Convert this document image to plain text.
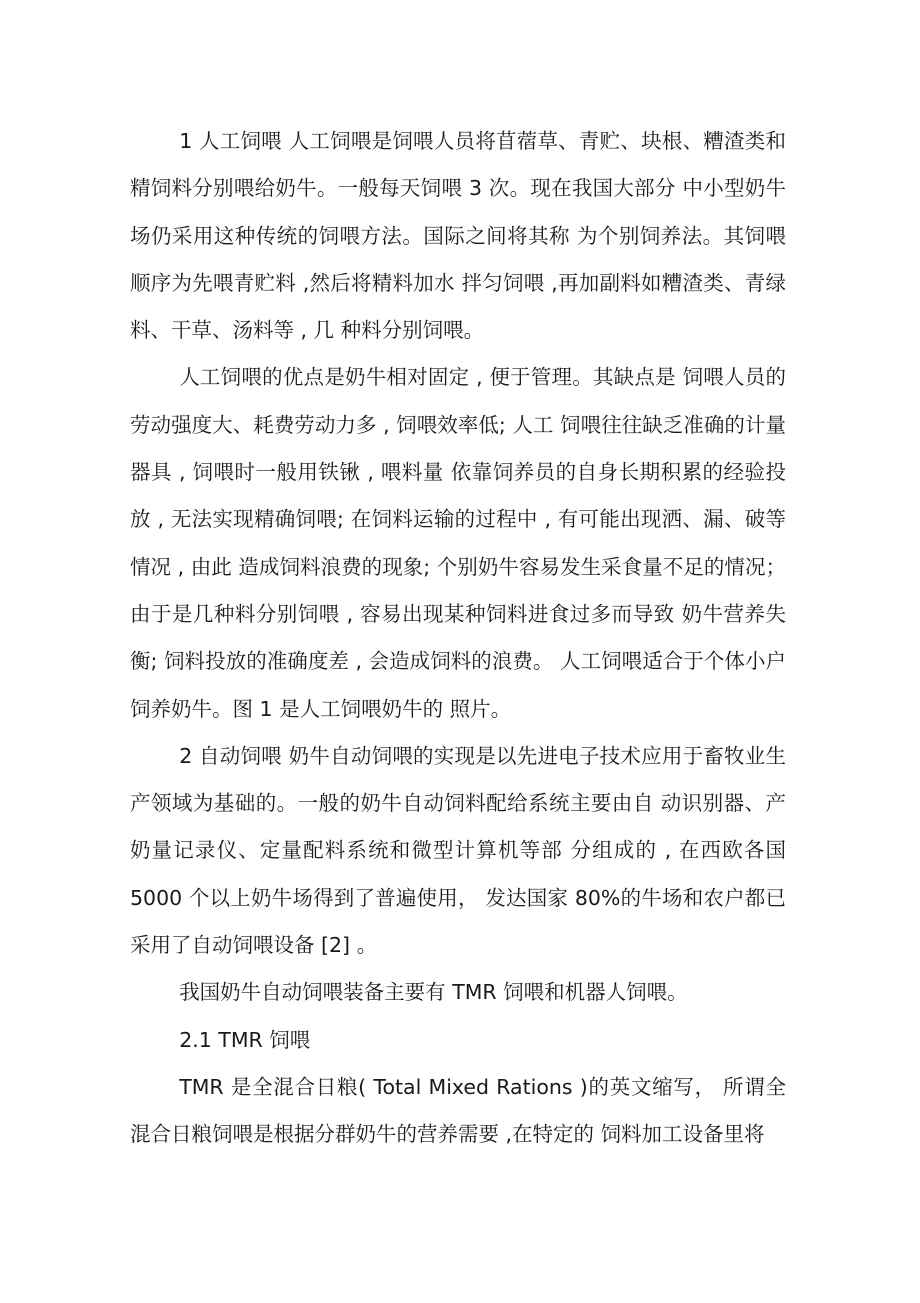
1 人工饲喂 人工饲喂是饲喂人员将苜蓿草、青贮、块根、糟渣类和 精饲料分别喂给奶牛。一般每天饲喂 3 次。现在我国大部分 中小型奶牛场仍采用这种传统的饲喂方法。国际之间将其称 为个别饲养法。其饲喂顺序为先喂青贮料 ,然后将精料加水 拌匀饲喂 ,再加副料如糟渣类、青绿料、干草、汤料等 , 几 种料分别饲喂。

人工饲喂的优点是奶牛相对固定 , 便于管理。其缺点是 饲喂人员的劳动强度大、耗费劳动力多 , 饲喂效率低; 人工 饲喂往往缺乏准确的计量器具 , 饲喂时一般用铁锹 , 喂料量 依靠饲养员的自身长期积累的经验投放 , 无法实现精确饲喂; 在饲料运输的过程中 , 有可能出现洒、漏、破等情况 , 由此 造成饲料浪费的现象; 个别奶牛容易发生采食量不足的情况； 由于是几种料分别饲喂 , 容易出现某种饲料进食过多而导致 奶牛营养失衡; 饲料投放的准确度差 , 会造成饲料的浪费。 人工饲喂适合于个体小户饲养奶牛。图 1 是人工饲喂奶牛的 照片。

2 自动饲喂 奶牛自动饲喂的实现是以先进电子技术应用于畜牧业生产领域为基础的。一般的奶牛自动饲料配给系统主要由自 动识别器、产奶量记录仪、定量配料系统和微型计算机等部 分组成的 , 在西欧各国 5000 个以上奶牛场得到了普遍使用， 发达国家 80%的牛场和农户都已采用了自动饲喂设备 [2] 。

我国奶牛自动饲喂装备主要有 TMR 饲喂和机器人饲喂。

2.1 TMR 饲喂

TMR 是全混合日粮( Total Mixed Rations )的英文缩写， 所谓全混合日粮饲喂是根据分群奶牛的营养需要 ,在特定的 饲料加工设备里将
